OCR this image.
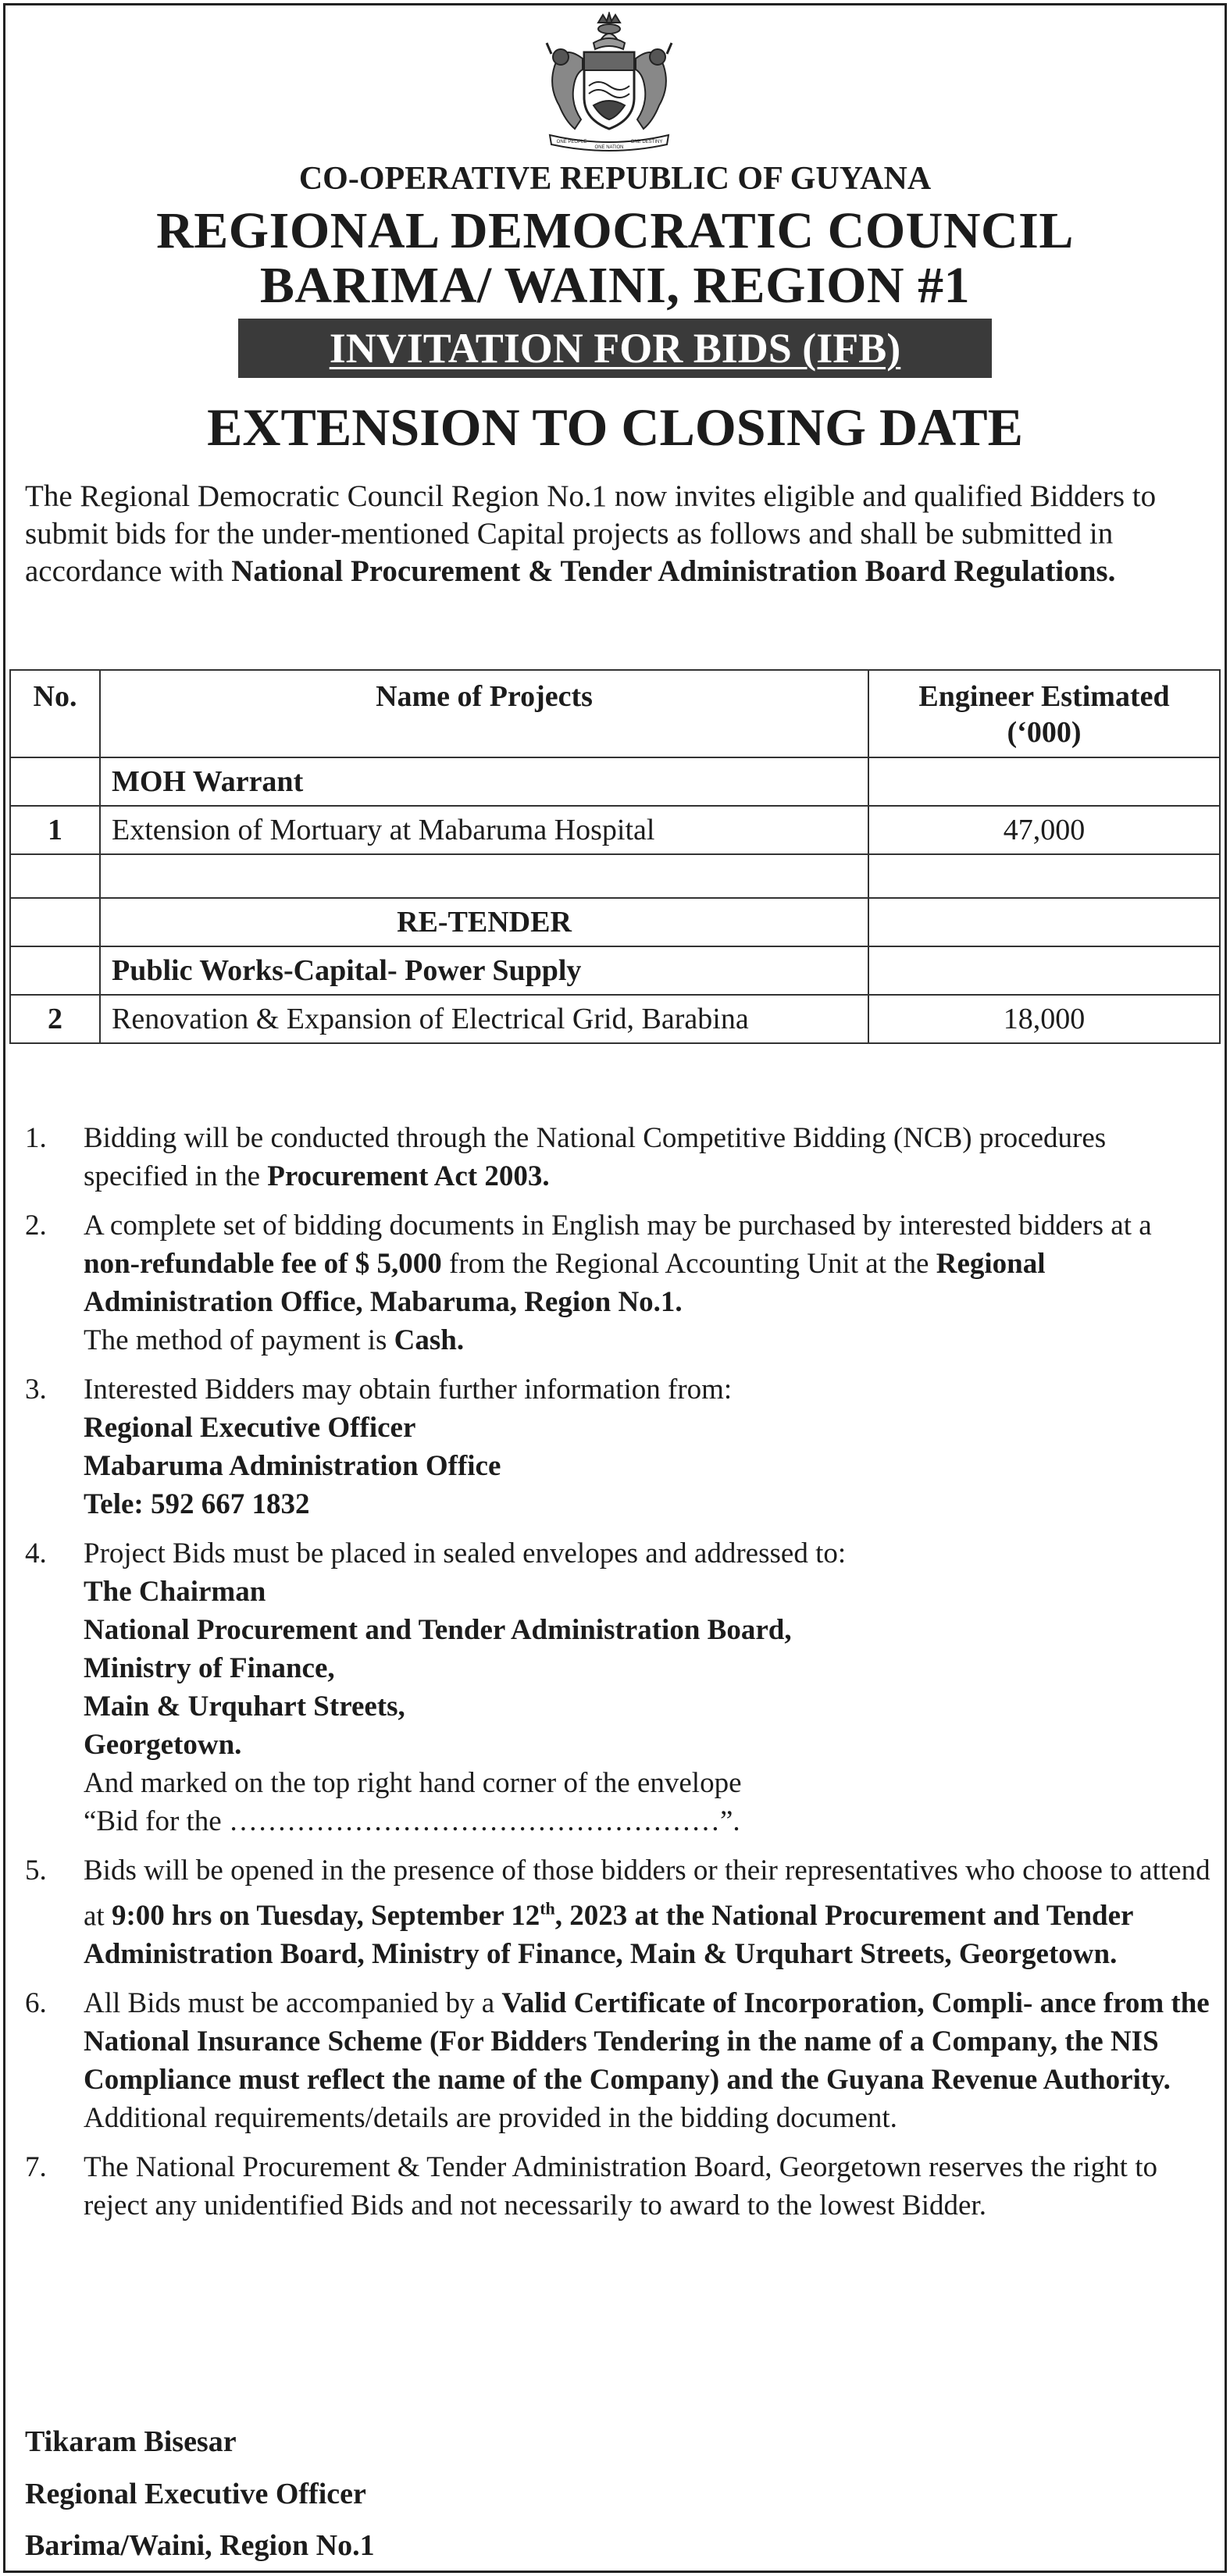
ONE PEOPLE
ONE NATION
ONE DESTINY
CO-OPERATIVE REPUBLIC OF GUYANA
REGIONAL DEMOCRATIC COUNCIL
BARIMA/ WAINI, REGION #1
INVITATION FOR BIDS (IFB)
EXTENSION TO CLOSING DATE

The Regional Democratic Council Region No.1 now invites eligible and qualified Bidders to submit bids for the under-mentioned Capital projects as follows and shall be submitted in accordance with National Procurement & Tender Administration Board Regulations.

No.	Name of Projects	Engineer Estimated
(‘000)
	MOH Warrant	
1	Extension of Mortuary at Mabaruma Hospital	47,000

	RE-TENDER	
	Public Works-Capital- Power Supply	
2	Renovation & Expansion of Electrical Grid, Barabina	18,000
1. Bidding will be conducted through the National Competitive Bidding (NCB) procedures specified in the Procurement Act 2003.
2. A complete set of bidding documents in English may be purchased by interested bidders at a non-refundable fee of $ 5,000 from the Regional Accounting Unit at the Regional Administration Office, Mabaruma, Region No.1.
The method of payment is Cash.
3. Interested Bidders may obtain further information from:
Regional Executive Officer
Mabaruma Administration Office
Tele: 592 667 1832
4. Project Bids must be placed in sealed envelopes and addressed to:
The Chairman
National Procurement and Tender Administration Board,
Ministry of Finance,
Main & Urquhart Streets,
Georgetown.
And marked on the top right hand corner of the envelope
“Bid for the ……………………………………………”.
5. Bids will be opened in the presence of those bidders or their representatives who choose to attend at 9:00 hrs on Tuesday, September 12th, 2023 at the National Procurement and Tender Administration Board, Ministry of Finance, Main & Urquhart Streets, Georgetown.
6. All Bids must be accompanied by a Valid Certificate of Incorporation, Compli- ance from the National Insurance Scheme (For Bidders Tendering in the name of a Company, the NIS Compliance must reflect the name of the Company) and the Guyana Revenue Authority. Additional requirements/details are provided in the bidding document.
7. The National Procurement & Tender Administration Board, Georgetown reserves the right to reject any unidentified Bids and not necessarily to award to the lowest Bidder.
Tikaram Bisesar
Regional Executive Officer
Barima/Waini, Region No.1
